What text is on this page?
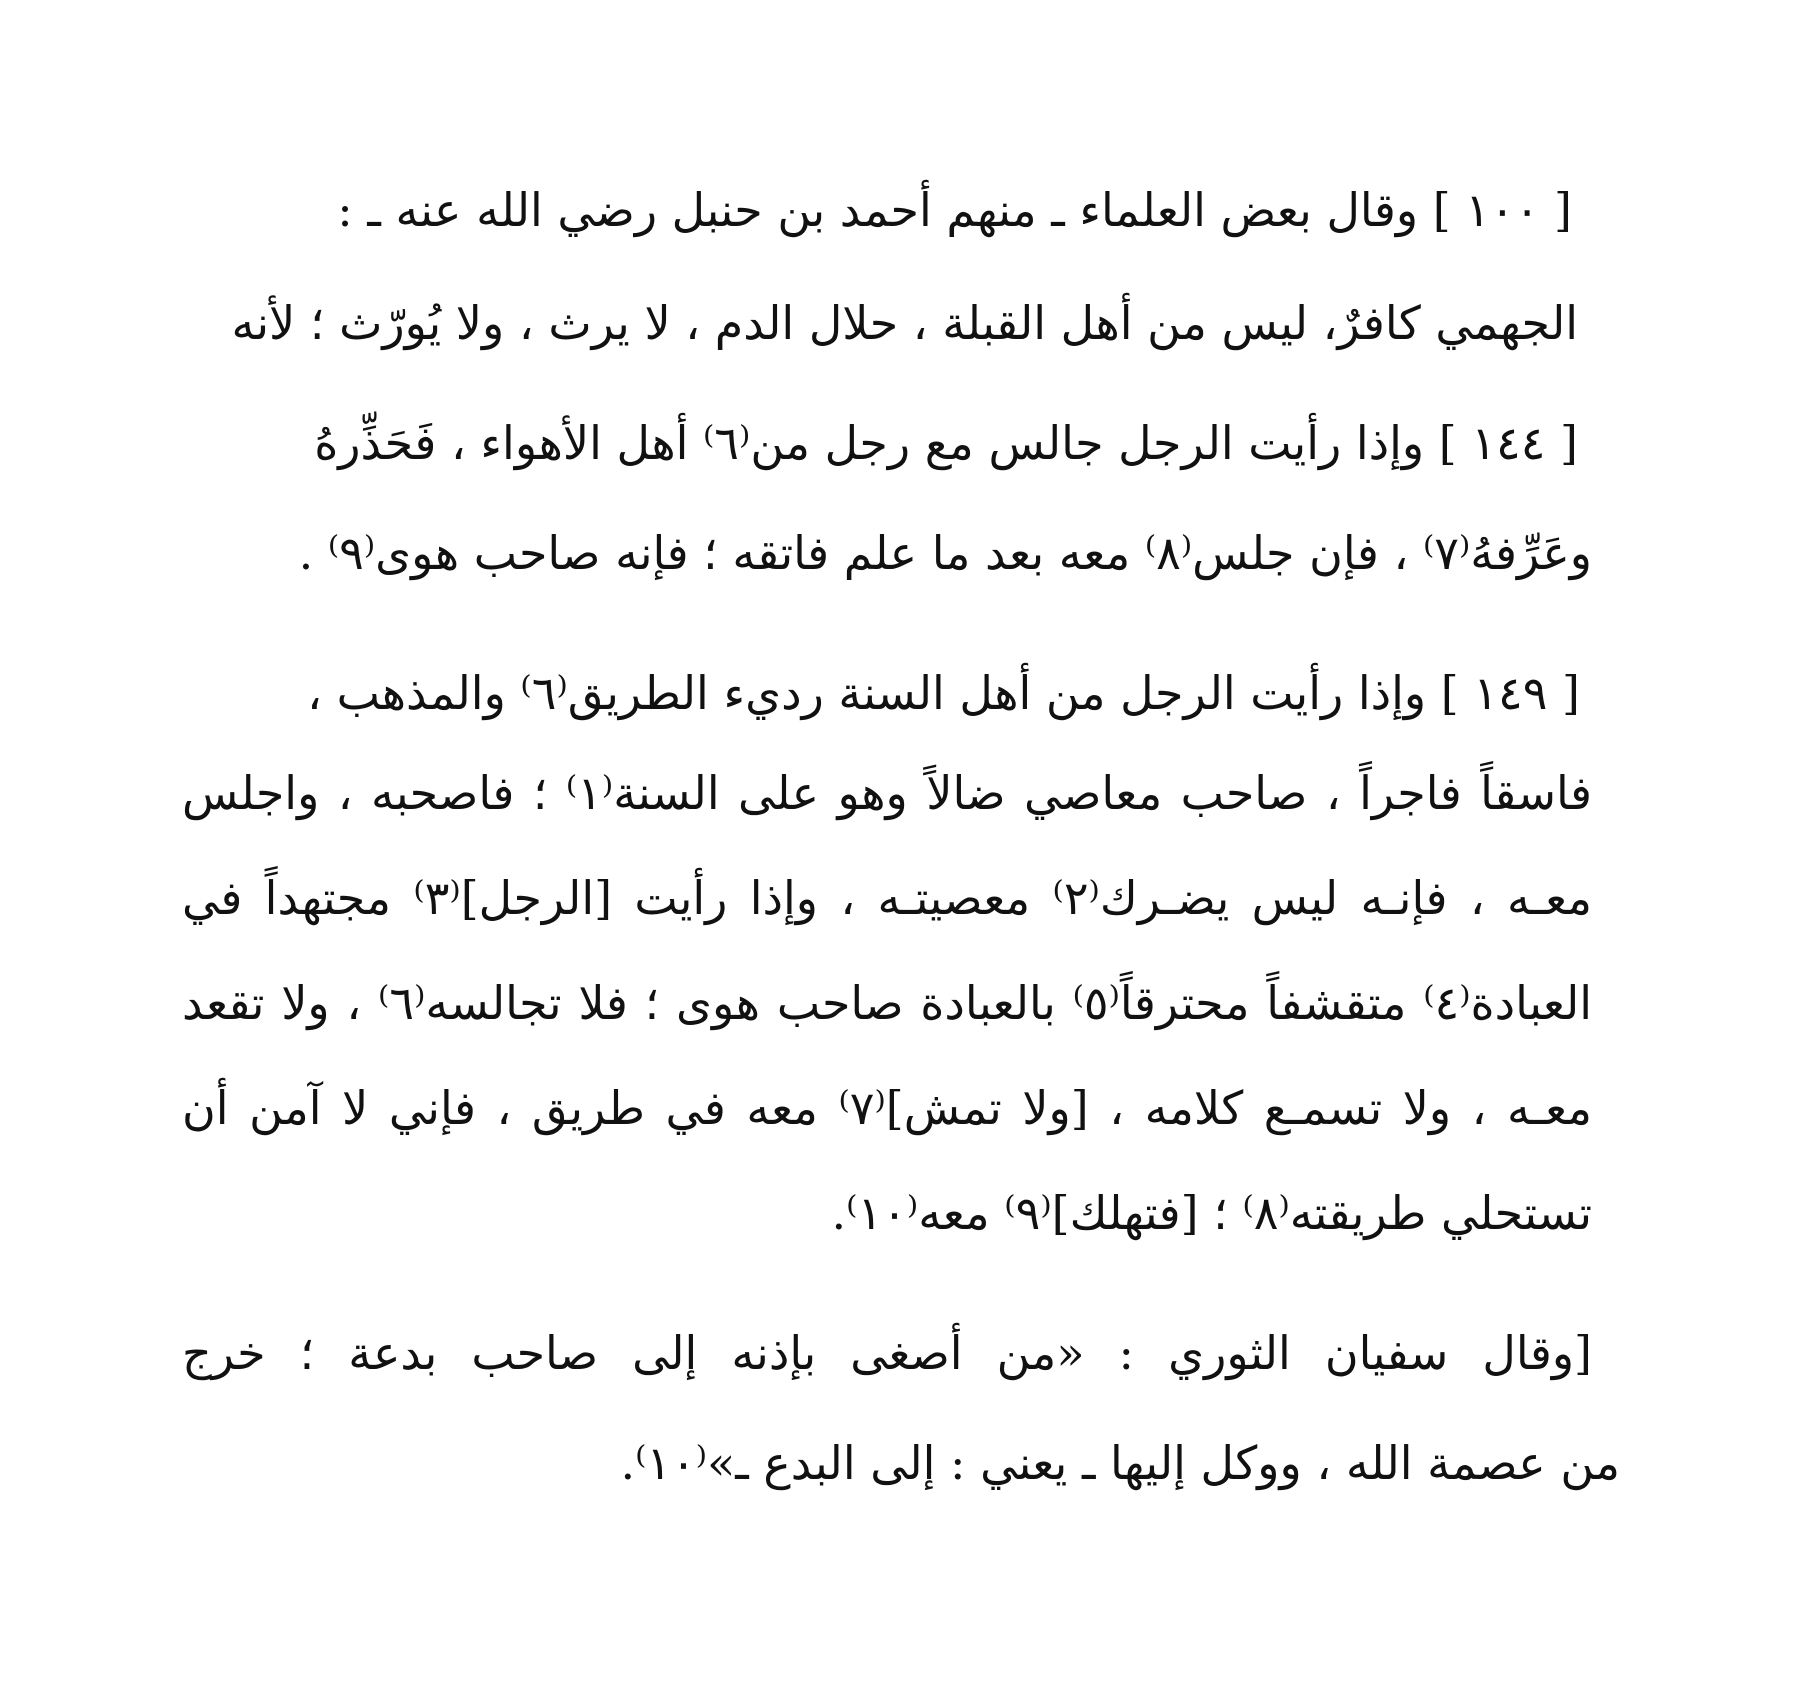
[ ١٠٠ ] وقال بعض العلماء ـ منهم أحمد بن حنبل رضي الله عنه ـ :
الجهمي كافرٌ، ليس من أهل القبلة ، حلال الدم ، لا يرث ، ولا يُورّث ؛ لأنه
[ ١٤٤ ] وإذا رأيت الرجل جالس مع رجل من⁽٦⁾ أهل الأهواء ، فَحَذِّرهُ
وعَرِّفهُ⁽٧⁾ ، فإن جلس⁽٨⁾ معه بعد ما علم فاتقه ؛ فإنه صاحب هوى⁽٩⁾ .
[ ١٤٩ ] وإذا رأيت الرجل من أهل السنة رديء الطريق⁽٦⁾ والمذهب ،
فاسقاً فاجراً ، صاحب معاصي ضالاً وهو على السنة⁽١⁾ ؛ فاصحبه ، واجلس
معـه ، فإنـه ليس يضـرك⁽٢⁾ معصيتـه ، وإذا رأيت [الرجل]⁽٣⁾ مجتهداً في
العبادة⁽٤⁾ متقشفاً محترقاً⁽٥⁾ بالعبادة صاحب هوى ؛ فلا تجالسه⁽٦⁾ ، ولا تقعد
معـه ، ولا تسمـع كلامه ، [ولا تمش]⁽٧⁾ معه في طريق ، فإني لا آمن أن
تستحلي طريقته⁽٨⁾ ؛ [فتهلك]⁽٩⁾ معه⁽١٠⁾.
[وقال سفيان الثوري : «من أصغى بإذنه إلى صاحب بدعة ؛ خرج
من عصمة الله ، ووكل إليها ـ يعني : إلى البدع ـ»⁽١٠⁾.
